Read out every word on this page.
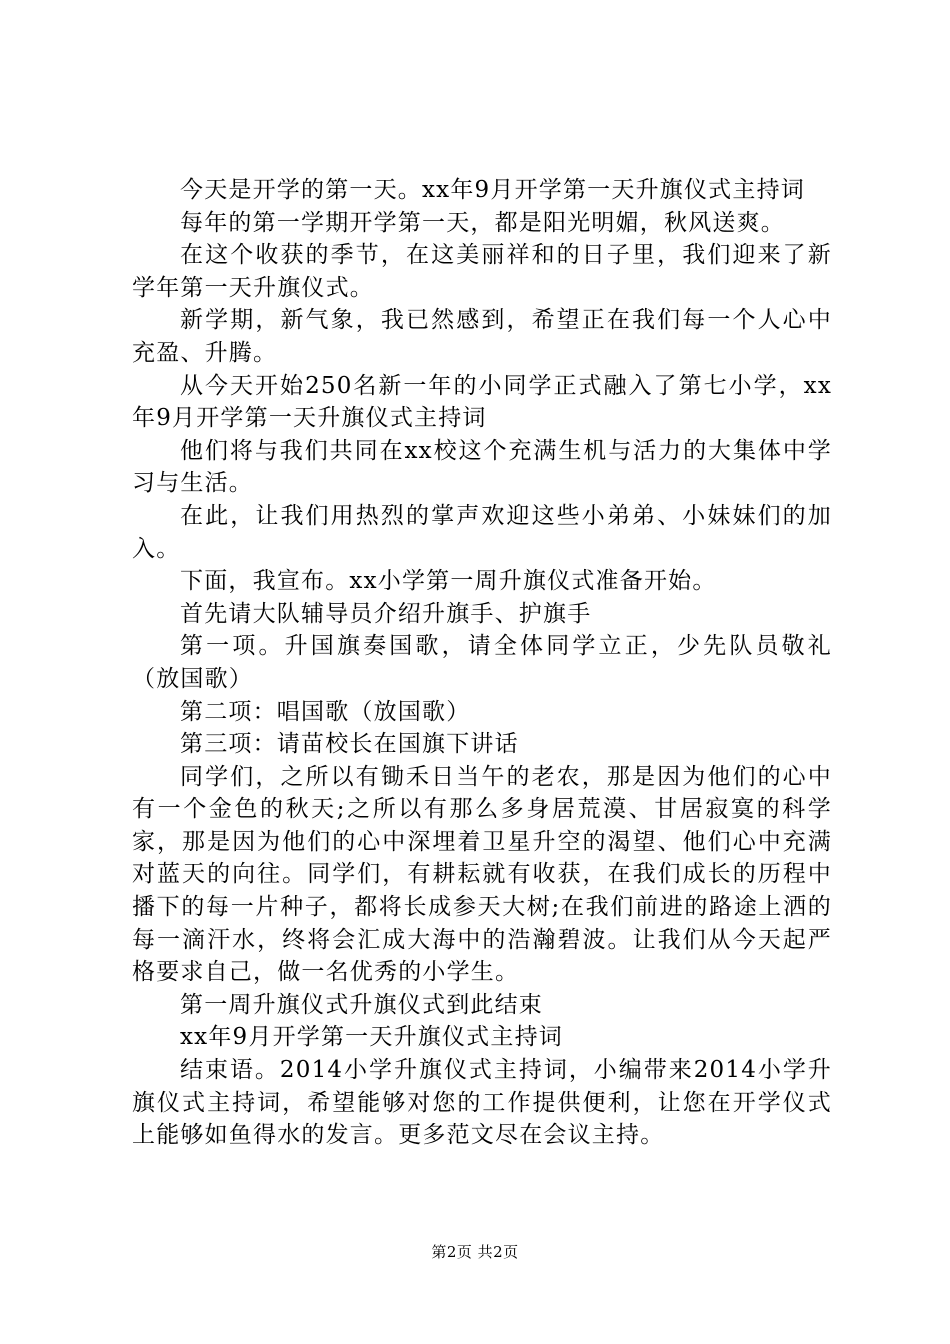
今天是开学的第一天。xx年9月开学第一天升旗仪式主持词

每年的第一学期开学第一天，都是阳光明媚，秋风送爽。

在这个收获的季节，在这美丽祥和的日子里，我们迎来了新学年第一天升旗仪式。

新学期，新气象，我已然感到，希望正在我们每一个人心中充盈、升腾。

从今天开始250名新一年的小同学正式融入了第七小学，xx年9月开学第一天升旗仪式主持词

他们将与我们共同在xx校这个充满生机与活力的大集体中学习与生活。

在此，让我们用热烈的掌声欢迎这些小弟弟、小妹妹们的加入。

下面，我宣布。xx小学第一周升旗仪式准备开始。

首先请大队辅导员介绍升旗手、护旗手

第一项。升国旗奏国歌，请全体同学立正，少先队员敬礼（放国歌）

第二项：唱国歌（放国歌）

第三项：请苗校长在国旗下讲话

同学们，之所以有锄禾日当午的老农，那是因为他们的心中有一个金色的秋天;之所以有那么多身居荒漠、甘居寂寞的科学家，那是因为他们的心中深埋着卫星升空的渴望、他们心中充满对蓝天的向往。同学们，有耕耘就有收获，在我们成长的历程中播下的每一片种子，都将长成参天大树;在我们前进的路途上洒的每一滴汗水，终将会汇成大海中的浩瀚碧波。让我们从今天起严格要求自己，做一名优秀的小学生。

第一周升旗仪式升旗仪式到此结束

xx年9月开学第一天升旗仪式主持词

结束语。2014小学升旗仪式主持词，小编带来2014小学升旗仪式主持词，希望能够对您的工作提供便利，让您在开学仪式上能够如鱼得水的发言。更多范文尽在会议主持。

第2页 共2页
